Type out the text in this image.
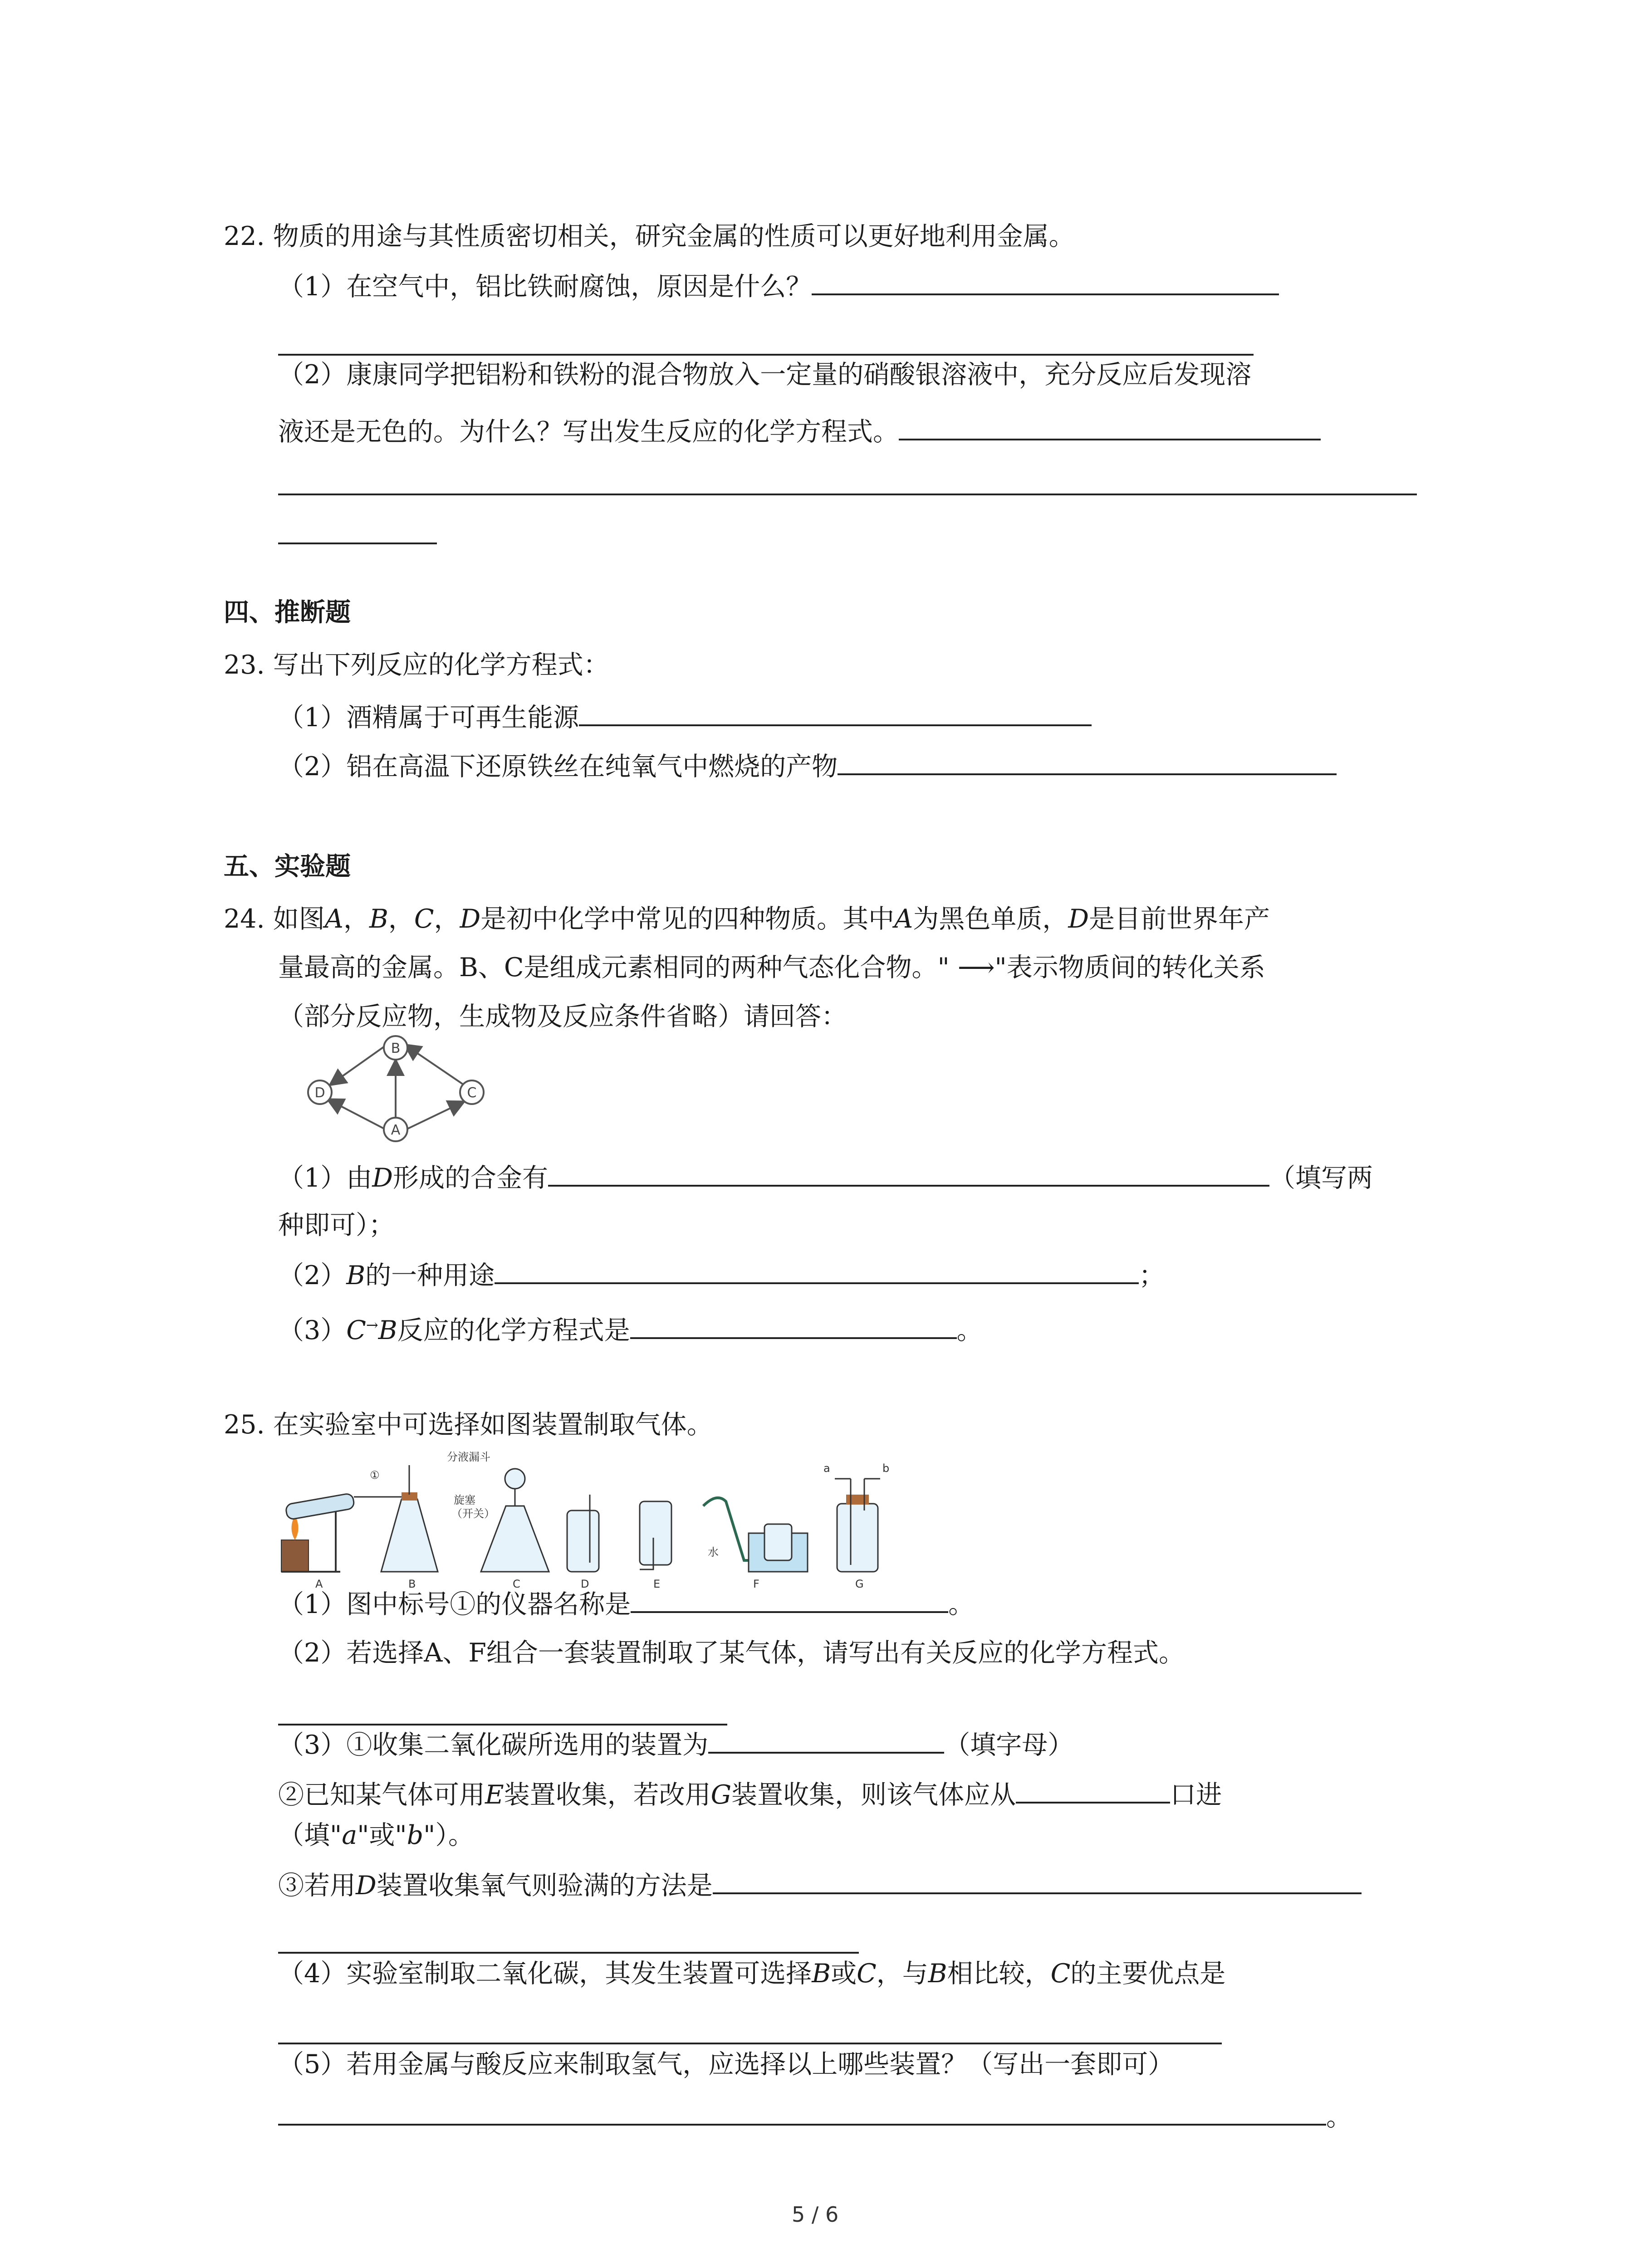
22. 物质的用途与其性质密切相关，研究金属的性质可以更好地利用金属。
（1）在空气中，铝比铁耐腐蚀，原因是什么？
（2）康康同学把铝粉和铁粉的混合物放入一定量的硝酸银溶液中，充分反应后发现溶
液还是无色的。为什么？写出发生反应的化学方程式。
四、推断题
23. 写出下列反应的化学方程式：
（1）酒精属于可再生能源
（2）铝在高温下还原铁丝在纯氧气中燃烧的产物
五、实验题
24. 如图A，B，C，D是初中化学中常见的四种物质。其中A为黑色单质，D是目前世界年产
量最高的金属。B、C是组成元素相同的两种气态化合物。" ⟶"表示物质间的转化关系
（部分反应物，生成物及反应条件省略）请回答：
B
D	C
A
（1）由D形成的合金有	（填写两
种即可）；
（2）B的一种用途	；
（3）C→B反应的化学方程式是	。
25. 在实验室中可选择如图装置制取气体。
①
分液漏斗
旋塞
（开关）
水
a	b
A	B	C	D	E	F	G
（1）图中标号①的仪器名称是	。
（2）若选择A、F组合一套装置制取了某气体，请写出有关反应的化学方程式。
（3）①收集二氧化碳所选用的装置为	（填字母）
②已知某气体可用E装置收集，若改用G装置收集，则该气体应从	口进
（填"a"或"b"）。
③若用D装置收集氧气则验满的方法是
（4）实验室制取二氧化碳，其发生装置可选择B或C，与B相比较，C的主要优点是
（5）若用金属与酸反应来制取氢气，应选择以上哪些装置？（写出一套即可）
。
5 / 6
